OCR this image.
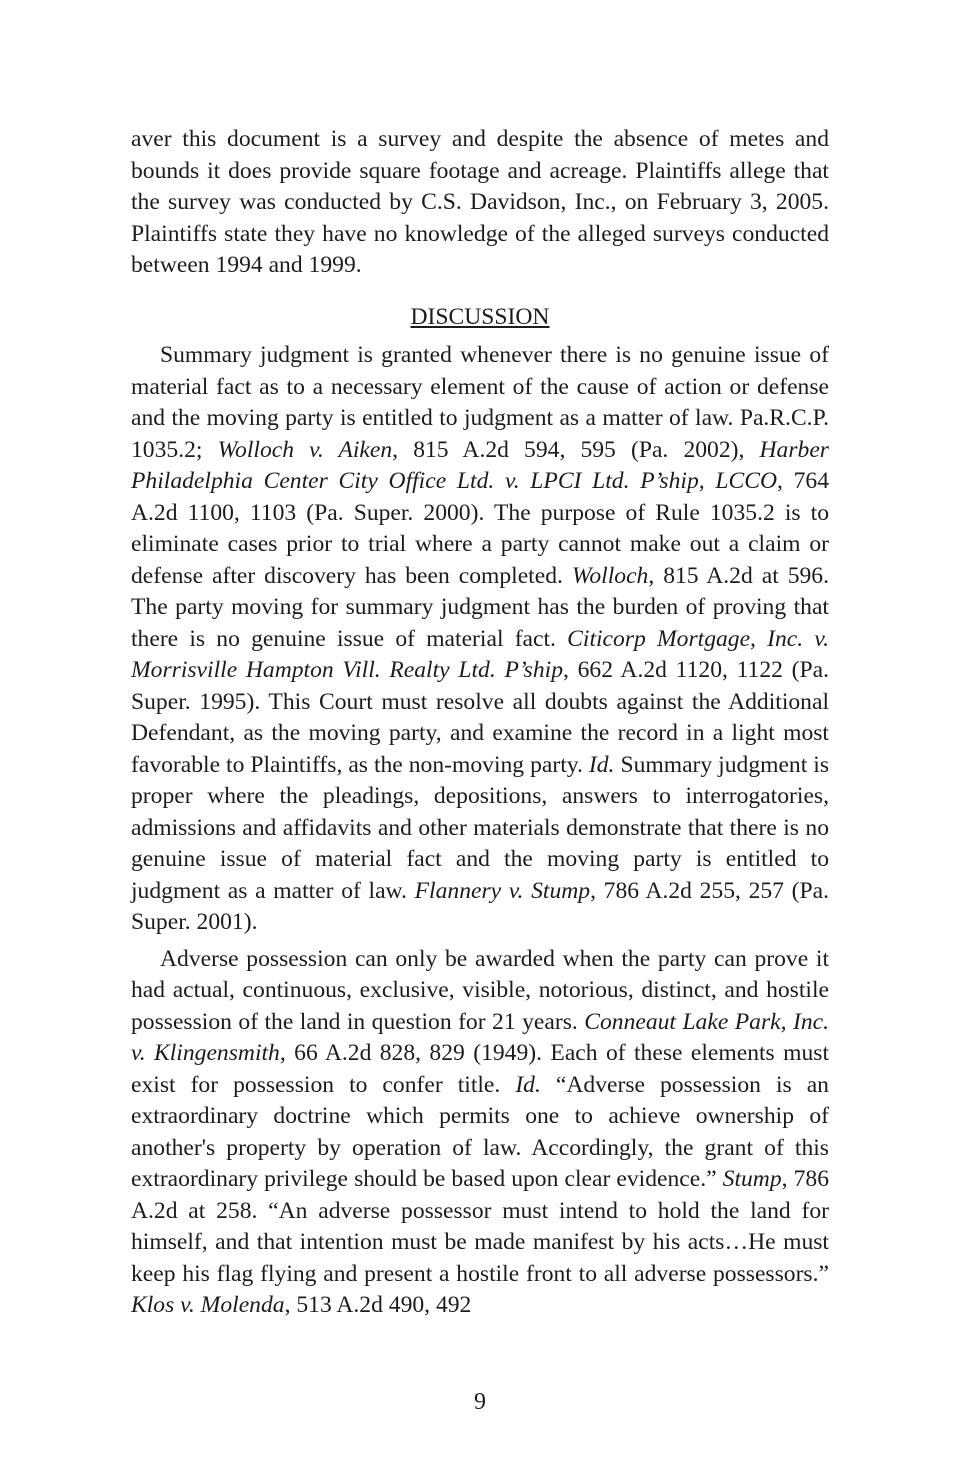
aver this document is a survey and despite the absence of metes and bounds it does provide square footage and acreage. Plaintiffs allege that the survey was conducted by C.S. Davidson, Inc., on February 3, 2005. Plaintiffs state they have no knowledge of the alleged surveys conducted between 1994 and 1999.

DISCUSSION

Summary judgment is granted whenever there is no genuine issue of material fact as to a necessary element of the cause of action or defense and the moving party is entitled to judgment as a matter of law. Pa.R.C.P. 1035.2; Wolloch v. Aiken, 815 A.2d 594, 595 (Pa. 2002), Harber Philadelphia Center City Office Ltd. v. LPCI Ltd. P’ship, LCCO, 764 A.2d 1100, 1103 (Pa. Super. 2000). The purpose of Rule 1035.2 is to eliminate cases prior to trial where a party cannot make out a claim or defense after discovery has been completed. Wolloch, 815 A.2d at 596. The party moving for summary judgment has the burden of proving that there is no genuine issue of material fact. Citicorp Mortgage, Inc. v. Morrisville Hampton Vill. Realty Ltd. P’ship, 662 A.2d 1120, 1122 (Pa. Super. 1995). This Court must resolve all doubts against the Additional Defendant, as the moving party, and examine the record in a light most favorable to Plaintiffs, as the non-moving party. Id. Summary judgment is proper where the pleadings, depositions, answers to interrogatories, admissions and affidavits and other materials demonstrate that there is no genuine issue of material fact and the moving party is entitled to judgment as a matter of law. Flannery v. Stump, 786 A.2d 255, 257 (Pa. Super. 2001).

Adverse possession can only be awarded when the party can prove it had actual, continuous, exclusive, visible, notorious, distinct, and hostile possession of the land in question for 21 years. Conneaut Lake Park, Inc. v. Klingensmith, 66 A.2d 828, 829 (1949). Each of these elements must exist for possession to confer title. Id. “Adverse possession is an extraordinary doctrine which permits one to achieve ownership of another's property by operation of law. Accordingly, the grant of this extraordinary privilege should be based upon clear evidence.” Stump, 786 A.2d at 258. “An adverse possessor must intend to hold the land for himself, and that intention must be made manifest by his acts…He must keep his flag flying and present a hostile front to all adverse possessors.” Klos v. Molenda, 513 A.2d 490, 492

9
